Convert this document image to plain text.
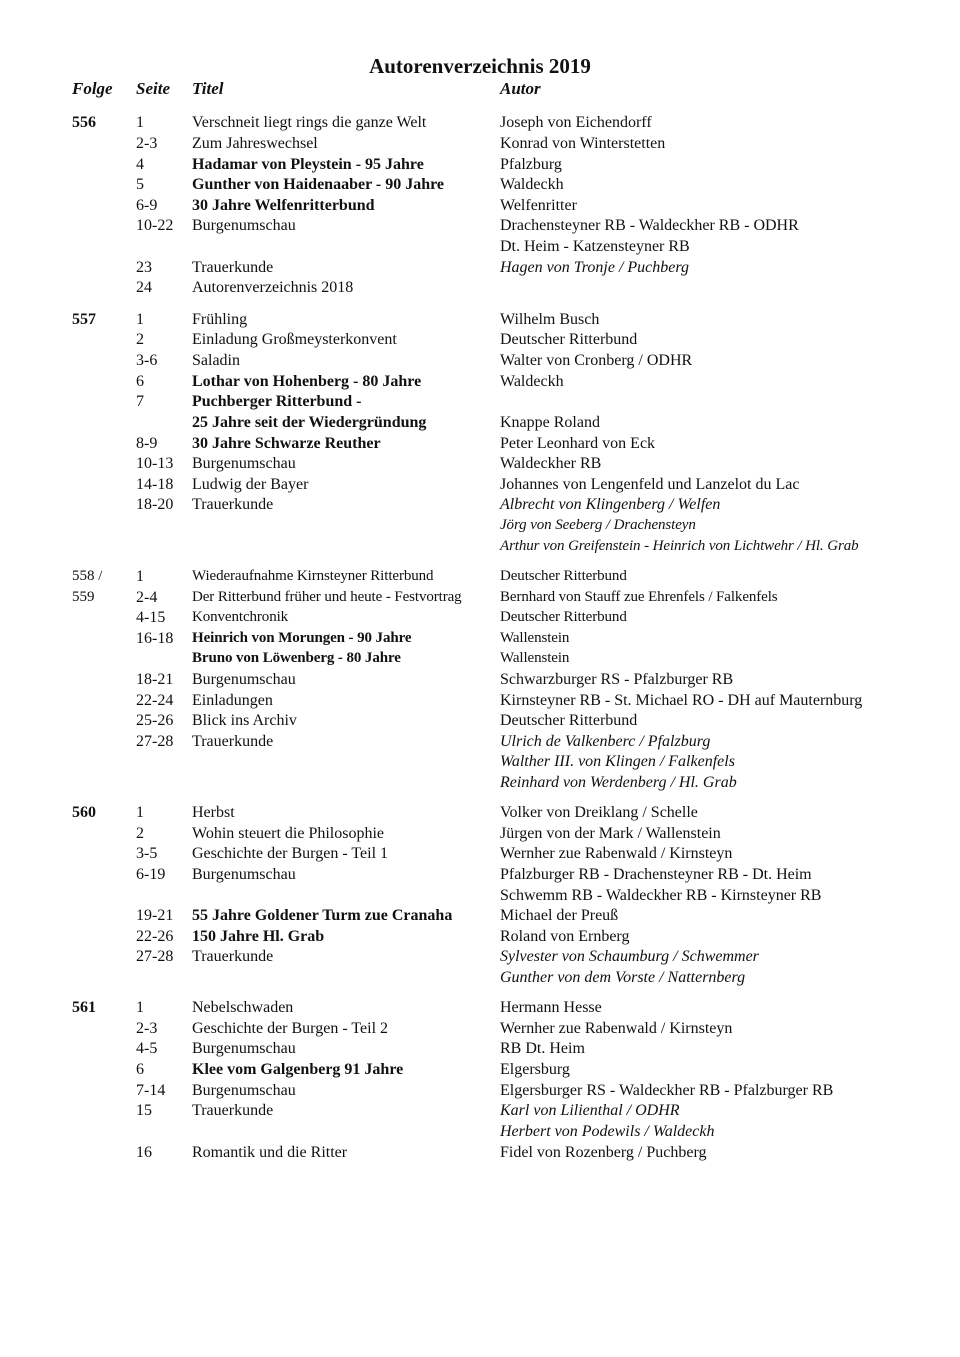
Autorenverzeichnis 2019
Folge Seite Titel	Autor
556	1	Verschneit liegt rings die ganze Welt	Joseph von Eichendorff
2-3 Zum Jahreswechsel	Konrad von Winterstetten
4	Hadamar von Pleystein - 95 Jahre	Pfalzburg
5	Gunther von Haidenaaber - 90 Jahre	Waldeckh
6-9 30 Jahre Welfenritterbund	Welfenritter
10-22 Burgenumschau	Drachensteyner RB - Waldeckher RB - ODHR
Dt. Heim - Katzensteyner RB
23	Trauerkunde	Hagen von Tronje / Puchberg
24	Autorenverzeichnis 2018
557	1	Frühling	Wilhelm Busch
2	Einladung Großmeysterkonvent	Deutscher Ritterbund
3-6 Saladin	Walter von Cronberg / ODHR
6	Lothar von Hohenberg - 80 Jahre	Waldeckh
7	Puchberger Ritterbund -
25 Jahre seit der Wiedergründung	Knappe Roland
8-9 30 Jahre Schwarze Reuther	Peter Leonhard von Eck
10-13 Burgenumschau	Waldeckher RB
14-18 Ludwig der Bayer	Johannes von Lengenfeld und Lanzelot du Lac
18-20 Trauerkunde	Albrecht von Klingenberg / Welfen
Jörg von Seeberg / Drachensteyn
Arthur von Greifenstein - Heinrich von Lichtwehr / Hl. Grab
558 / 1	Wiederaufnahme Kirnsteyner Ritterbund	Deutscher Ritterbund
559	2-4 Der Ritterbund früher und heute - Festvortrag	Bernhard von Stauff zue Ehrenfels / Falkenfels
4-15 Konventchronik	Deutscher Ritterbund
16-18 Heinrich von Morungen - 90 Jahre	Wallenstein
Bruno von Löwenberg - 80 Jahre	Wallenstein
18-21 Burgenumschau	Schwarzburger RS - Pfalzburger RB
22-24 Einladungen	Kirnsteyner RB - St. Michael RO - DH auf Mauternburg
25-26 Blick ins Archiv	Deutscher Ritterbund
27-28 Trauerkunde	Ulrich de Valkenberc / Pfalzburg
Walther III. von Klingen / Falkenfels
Reinhard von Werdenberg / Hl. Grab
560	1	Herbst	Volker von Dreiklang / Schelle
2	Wohin steuert die Philosophie	Jürgen von der Mark / Wallenstein
3-5 Geschichte der Burgen - Teil 1	Wernher zue Rabenwald / Kirnsteyn
6-19 Burgenumschau	Pfalzburger RB - Drachensteyner RB - Dt. Heim
Schwemm RB - Waldeckher RB - Kirnsteyner RB
19-21 55 Jahre Goldener Turm zue Cranaha	Michael der Preuß
22-26 150 Jahre Hl. Grab	Roland von Ernberg
27-28 Trauerkunde	Sylvester von Schaumburg / Schwemmer
Gunther von dem Vorste / Natternberg
561	1	Nebelschwaden	Hermann Hesse
2-3 Geschichte der Burgen - Teil 2	Wernher zue Rabenwald / Kirnsteyn
4-5 Burgenumschau	RB Dt. Heim
6	Klee vom Galgenberg 91 Jahre	Elgersburg
7-14 Burgenumschau	Elgersburger RS - Waldeckher RB - Pfalzburger RB
15	Trauerkunde	Karl von Lilienthal / ODHR
Herbert von Podewils / Waldeckh
16	Romantik und die Ritter	Fidel von Rozenberg / Puchberg
